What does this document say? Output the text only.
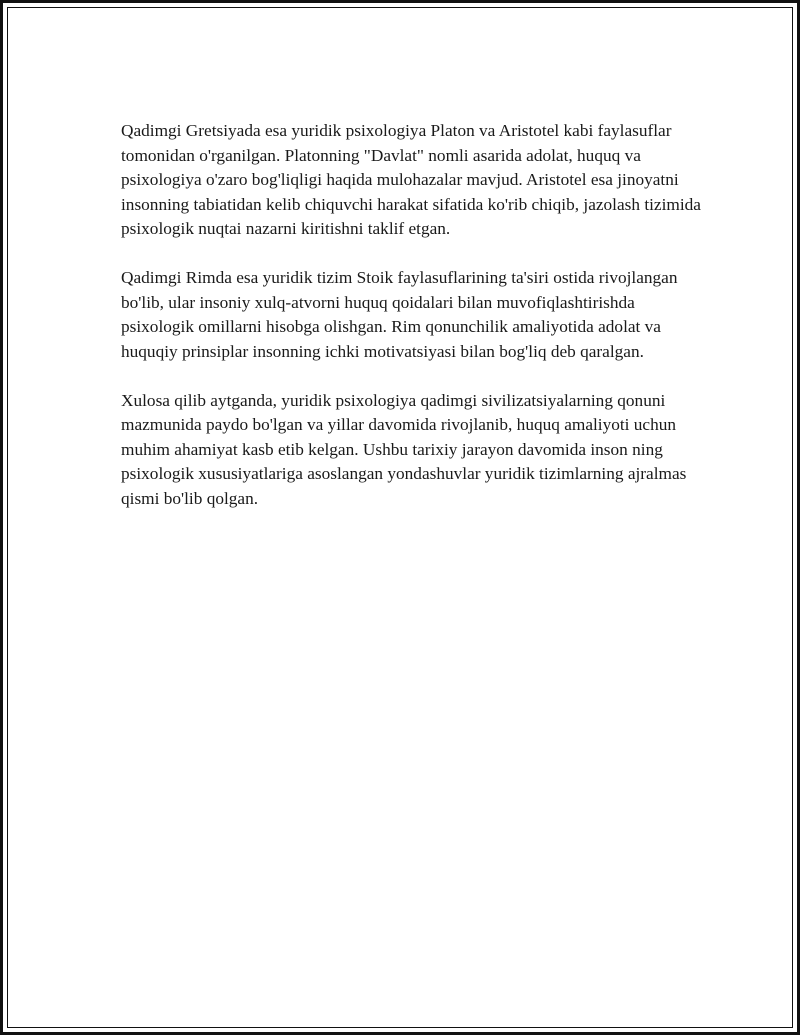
Qadimgi Gretsiyada esa yuridik psixologiya Platon va Aristotel kabi faylasuflar tomonidan o'rganilgan. Platonning "Davlat" nomli asarida adolat, huquq va psixologiya o'zaro bog'liqligi haqida mulohazalar mavjud. Aristotel esa jinoyatni insonning tabiatidan kelib chiquvchi harakat sifatida ko'rib chiqib, jazolash tizimida psixologik nuqtai nazarni kiritishni taklif etgan.

Qadimgi Rimda esa yuridik tizim Stoik faylasuflarining ta'siri ostida rivojlangan bo'lib, ular insoniy xulq-atvorni huquq qoidalari bilan muvofiqlashtirishda psixologik omillarni hisobga olishgan. Rim qonunchilik amaliyotida adolat va huquqiy prinsiplar insonning ichki motivatsiyasi bilan bog'liq deb qaralgan.

Xulosa qilib aytganda, yuridik psixologiya qadimgi sivilizatsiyalarning qonuni mazmunida paydo bo'lgan va yillar davomida rivojlanib, huquq amaliyoti uchun muhim ahamiyat kasb etib kelgan. Ushbu tarixiy jarayon davomida inson ning psixologik xususiyatlariga asoslangan yondashuvlar yuridik tizimlarning ajralmas qismi bo'lib qolgan.
